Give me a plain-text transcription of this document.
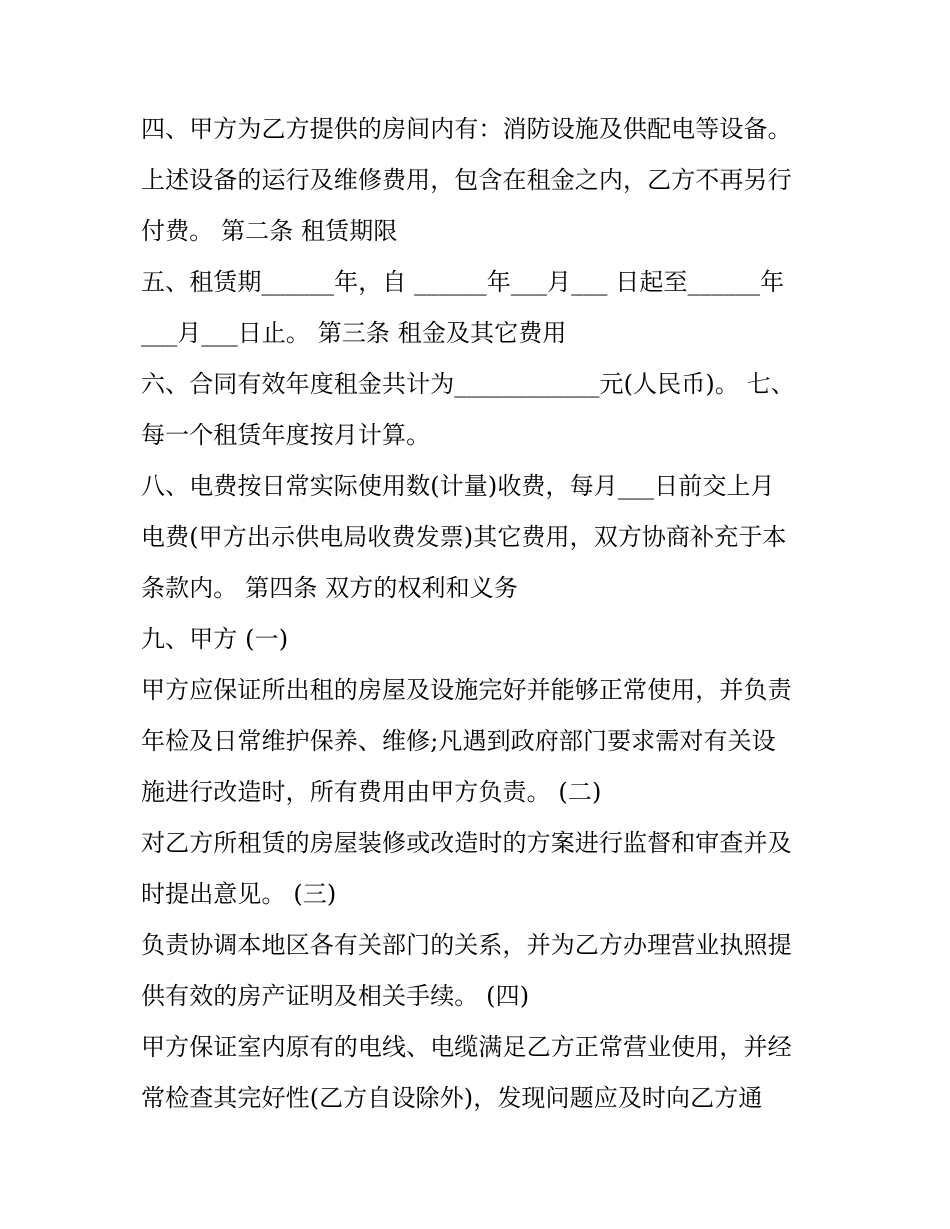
四、甲方为乙方提供的房间内有：消防设施及供配电等设备。
上述设备的运行及维修费用，包含在租金之内，乙方不再另行
付费。 第二条 租赁期限
五、租赁期______年，自 ______年___月___ 日起至______年
___月___日止。 第三条 租金及其它费用
六、合同有效年度租金共计为____________元(人民币)。 七、
每一个租赁年度按月计算。
八、电费按日常实际使用数(计量)收费，每月___日前交上月
电费(甲方出示供电局收费发票)其它费用，双方协商补充于本
条款内。 第四条 双方的权利和义务
九、甲方 (一)
甲方应保证所出租的房屋及设施完好并能够正常使用，并负责
年检及日常维护保养、维修;凡遇到政府部门要求需对有关设
施进行改造时，所有费用由甲方负责。 (二)
对乙方所租赁的房屋装修或改造时的方案进行监督和审查并及
时提出意见。 (三)
负责协调本地区各有关部门的关系，并为乙方办理营业执照提
供有效的房产证明及相关手续。 (四)
甲方保证室内原有的电线、电缆满足乙方正常营业使用，并经
常检查其完好性(乙方自设除外)，发现问题应及时向乙方通
